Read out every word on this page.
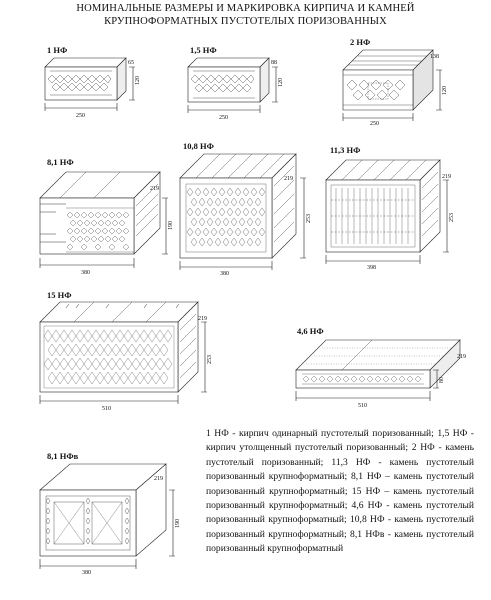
НОМИНАЛЬНЫЕ РАЗМЕРЫ И МАРКИРОВКА КИРПИЧА И КАМНЕЙ
КРУПНОФОРМАТНЫХ ПУСТОТЕЛЫХ ПОРИЗОВАННЫХ
1 НФ	1,5 НФ
2 НФ
8,1 НФ
10,8 НФ	11,3 НФ
15 НФ
4,6 НФ
8,1 НФв
250
120
65
250
120
88
250
120
138
380
190
219
380
253
219
398
253
219
510
253
219
510
80
219
380
190
219
1 НФ - кирпич одинарный пустотелый поризованный; 1,5 НФ - кирпич утолщенный пустотелый поризованный; 2 НФ - камень пустотелый поризованный; 11,3 НФ - камень пустотелый поризованный крупноформатный; 8,1 НФ – камень пустотелый поризованный крупноформатный; 15 НФ – камень пустотелый поризованный крупноформатный; 4,6 НФ - камень пустотелый поризованный крупноформатный; 10,8 НФ - камень пустотелый поризованный крупноформатный; 8,1 НФв - камень пустотелый поризованный крупноформатный
